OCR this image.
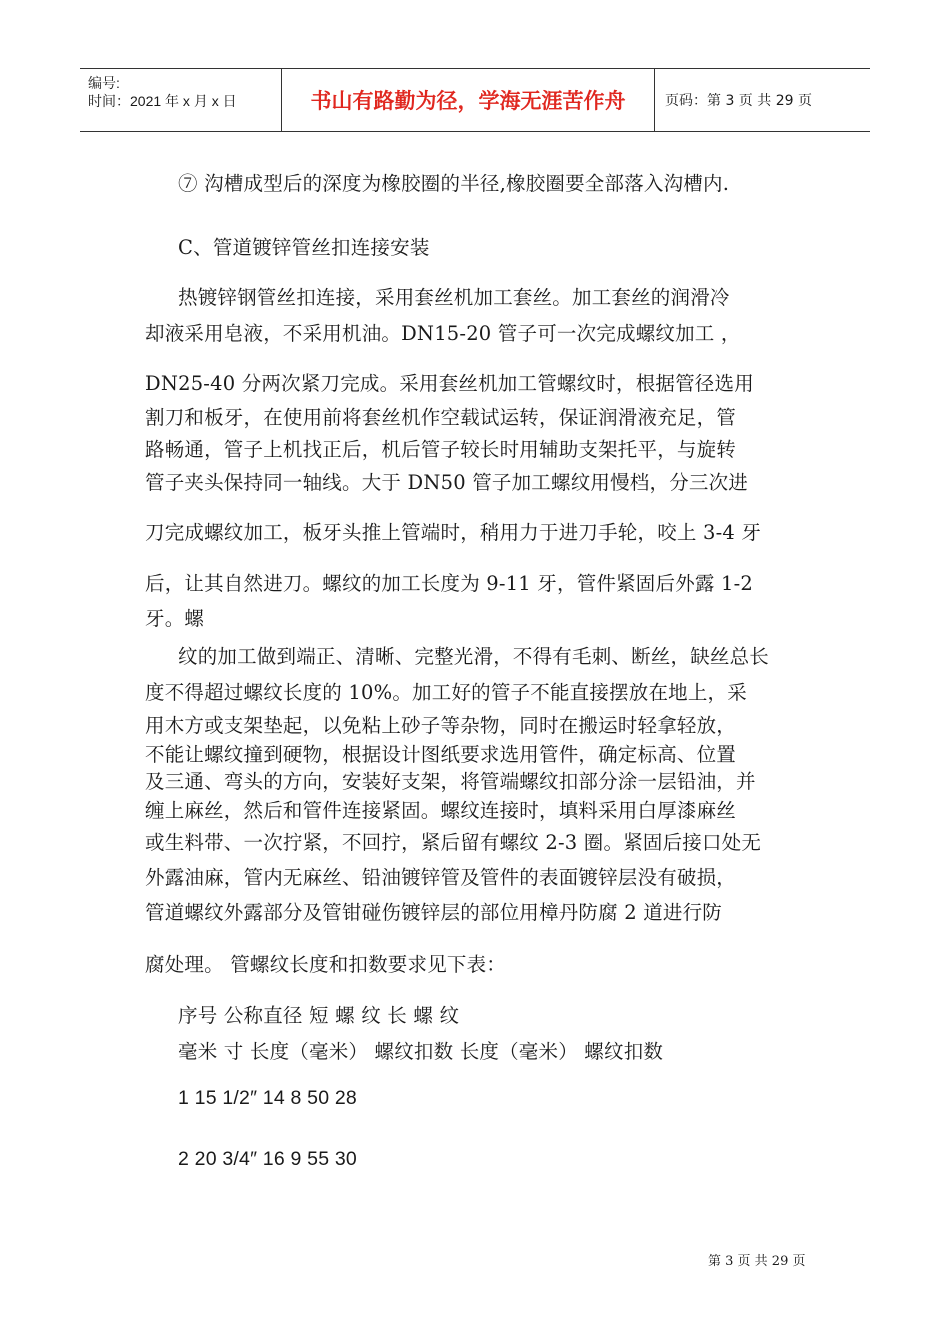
编号:
时间：2021 年 x 月 x 日	书山有路勤为径，学海无涯苦作舟	页码：第 3 页 共 29 页
⑦ 沟槽成型后的深度为橡胶圈的半径,橡胶圈要全部落入沟槽内.
C、管道镀锌管丝扣连接安装
热镀锌钢管丝扣连接，采用套丝机加工套丝。加工套丝的润滑冷
却液采用皂液，不采用机油。DN15-20 管子可一次完成螺纹加工 ，
DN25-40 分两次紧刀完成。采用套丝机加工管螺纹时，根据管径选用
割刀和板牙，在使用前将套丝机作空载试运转，保证润滑液充足，管
路畅通，管子上机找正后，机后管子较长时用辅助支架托平，与旋转
管子夹头保持同一轴线。大于 DN50 管子加工螺纹用慢档，分三次进
刀完成螺纹加工，板牙头推上管端时，稍用力于进刀手轮，咬上 3-4 牙
后，让其自然进刀。螺纹的加工长度为 9-11 牙，管件紧固后外露 1-2
牙。螺
纹的加工做到端正、清晰、完整光滑，不得有毛刺、断丝，缺丝总长
度不得超过螺纹长度的 10%。加工好的管子不能直接摆放在地上，采
用木方或支架垫起，以免粘上砂子等杂物，同时在搬运时轻拿轻放，
不能让螺纹撞到硬物，根据设计图纸要求选用管件，确定标高、位置
及三通、弯头的方向，安装好支架，将管端螺纹扣部分涂一层铅油，并
缠上麻丝，然后和管件连接紧固。螺纹连接时，填料采用白厚漆麻丝
或生料带、一次拧紧，不回拧，紧后留有螺纹 2-3 圈。紧固后接口处无
外露油麻，管内无麻丝、铅油镀锌管及管件的表面镀锌层没有破损，
管道螺纹外露部分及管钳碰伤镀锌层的部位用樟丹防腐 2 道进行防
腐处理。 管螺纹长度和扣数要求见下表：
序号 公称直径 短 螺 纹 长 螺 纹
毫米 寸 长度（毫米） 螺纹扣数 长度（毫米） 螺纹扣数
1 15 1/2″ 14 8 50 28
2 20 3/4″ 16 9 55 30
第 3 页 共 29 页
